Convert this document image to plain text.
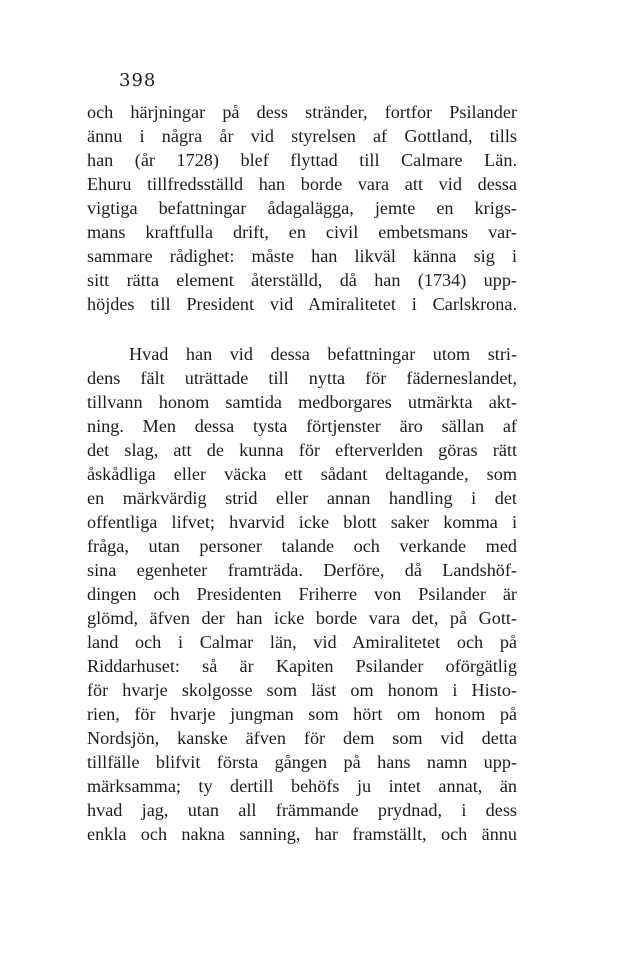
398
och härjningar på dess stränder, fortfor Psilander
ännu i några år vid styrelsen af Gottland, tills
han (år 1728) blef flyttad till Calmare Län.
Ehuru tillfredsställd han borde vara att vid dessa
vigtiga befattningar ådagalägga, jemte en krigs-
mans kraftfulla drift, en civil embetsmans var-
sammare rådighet: måste han likväl känna sig i
sitt rätta element återställd, då han (1734) upp-
höjdes till President vid Amiralitetet i Carlskrona.
Hvad han vid dessa befattningar utom stri-
dens fält uträttade till nytta för fäderneslandet,
tillvann honom samtida medborgares utmärkta akt-
ning. Men dessa tysta förtjenster äro sällan af
det slag, att de kunna för efterverlden göras rätt
åskådliga eller väcka ett sådant deltagande, som
en märkvärdig strid eller annan handling i det
offentliga lifvet; hvarvid icke blott saker komma i
fråga, utan personer talande och verkande med
sina egenheter framträda. Derföre, då Landshöf-
dingen och Presidenten Friherre von Psilander är
glömd, äfven der han icke borde vara det, på Gott-
land och i Calmar län, vid Amiralitetet och på
Riddarhuset: så är Kapiten Psilander oförgätlig
för hvarje skolgosse som läst om honom i Histo-
rien, för hvarje jungman som hört om honom på
Nordsjön, kanske äfven för dem som vid detta
tillfälle blifvit första gången på hans namn upp-
märksamma; ty dertill behöfs ju intet annat, än
hvad jag, utan all främmande prydnad, i dess
enkla och nakna sanning, har framställt, och ännu
